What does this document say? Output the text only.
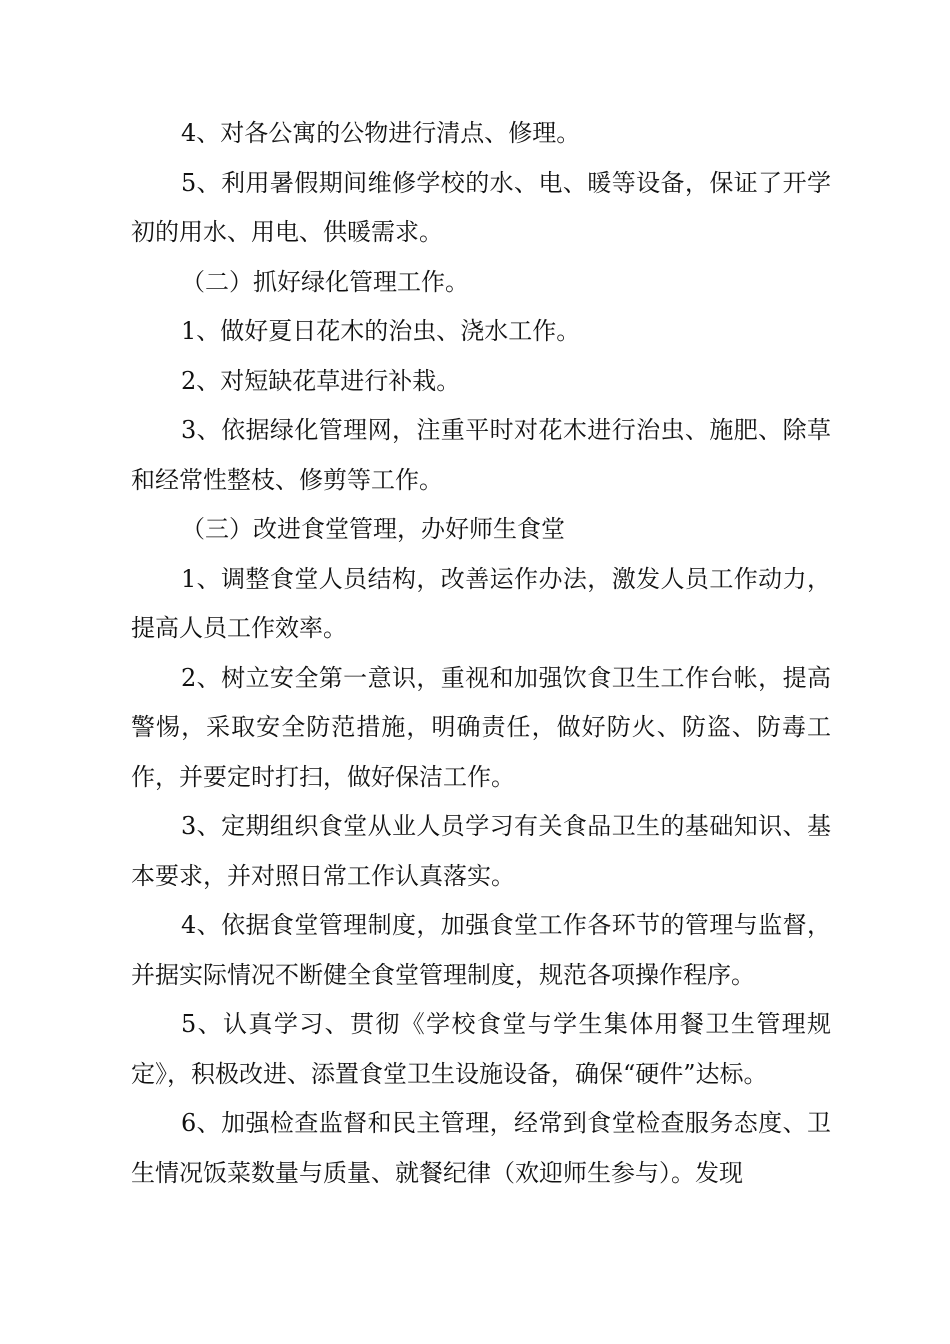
4、对各公寓的公物进行清点、修理。

5、利用暑假期间维修学校的水、电、暖等设备，保证了开学初的用水、用电、供暖需求。

（二）抓好绿化管理工作。

1、做好夏日花木的治虫、浇水工作。

2、对短缺花草进行补栽。

3、依据绿化管理网，注重平时对花木进行治虫、施肥、除草和经常性整枝、修剪等工作。

（三）改进食堂管理，办好师生食堂

1、调整食堂人员结构，改善运作办法，激发人员工作动力，提高人员工作效率。

2、树立安全第一意识，重视和加强饮食卫生工作台帐，提高警惕，采取安全防范措施，明确责任，做好防火、防盗、防毒工作，并要定时打扫，做好保洁工作。

3、定期组织食堂从业人员学习有关食品卫生的基础知识、基本要求，并对照日常工作认真落实。

4、依据食堂管理制度，加强食堂工作各环节的管理与监督，并据实际情况不断健全食堂管理制度，规范各项操作程序。

5、认真学习、贯彻《学校食堂与学生集体用餐卫生管理规定》，积极改进、添置食堂卫生设施设备，确保“硬件”达标。

6、加强检查监督和民主管理，经常到食堂检查服务态度、卫生情况饭菜数量与质量、就餐纪律（欢迎师生参与）。发现
